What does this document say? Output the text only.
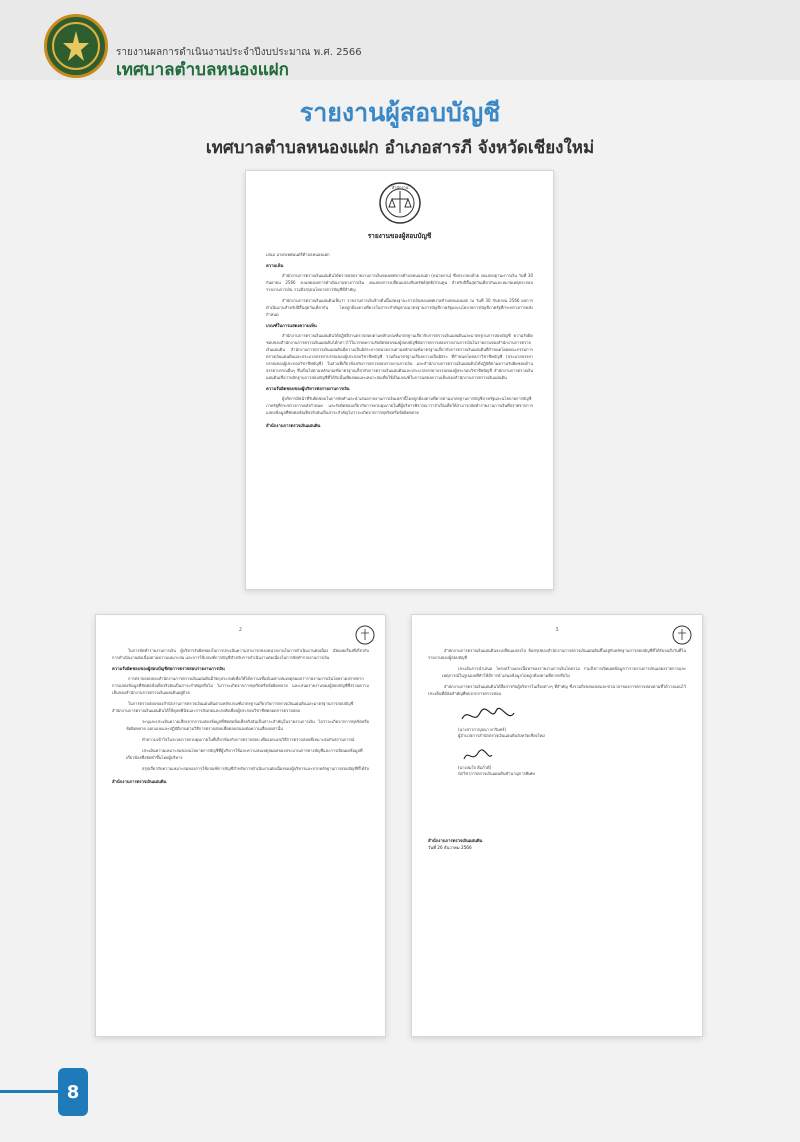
รายงานผลการดำเนินงานประจำปีงบประมาณ พ.ศ. 2566
เทศบาลตำบลหนองแฝก
รายงานผู้สอบบัญชี
เทศบาลตำบลหนองแฝก อำเภอสารภี จังหวัดเชียงใหม่
สำนักงาน
รายงานของผู้สอบบัญชี
เสนอ นายกเทศมนตรีตำบลหนองแฝก
ความเห็น
สำนักงานการตรวจเงินแผ่นดินได้ตรวจสอบรายงานการเงินของเทศบาลตำบลหนองแฝก (หน่วยงาน) ซึ่งประกอบด้วย งบแสดงฐานะการเงิน วันที่ 30 กันยายน 2566 งบแสดงผลการดำเนินงานทางการเงิน งบแสดงการเปลี่ยนแปลงสินทรัพย์สุทธิ/ส่วนทุน สำหรับปีสิ้นสุดวันเดียวกันและหมายเหตุประกอบรายงานการเงิน รวมถึงสรุปนโยบายการบัญชีที่สำคัญ
สำนักงานการตรวจเงินแผ่นดินเห็นว่า รายงานการเงินข้างต้นนี้แสดงฐานะการเงินของเทศบาลตำบลหนองแฝก ณ วันที่ 30 กันยายน 2566 ผลการดำเนินงานสำหรับปีสิ้นสุดวันเดียวกัน โดยถูกต้องตามที่ควรในสาระสำคัญตามมาตรฐานการบัญชีภาครัฐและนโยบายการบัญชีภาครัฐที่กระทรวงการคลังกำหนด
เกณฑ์ในการแสดงความเห็น
สำนักงานการตรวจเงินแผ่นดินได้ปฏิบัติงานตรวจสอบตามหลักเกณฑ์มาตรฐานเกี่ยวกับการตรวจเงินแผ่นดินและมาตรฐานการสอบบัญชี ความรับผิดชอบของสำนักงานการตรวจเงินแผ่นดินได้กล่าวไว้ในวรรคความรับผิดชอบของผู้สอบบัญชีต่อการตรวจสอบรายงานการเงินในรายงานของสำนักงานการตรวจเงินแผ่นดิน สำนักงานการตรวจเงินแผ่นดินมีความเป็นอิสระจากหน่วยงานตามหลักเกณฑ์มาตรฐานเกี่ยวกับการตรวจเงินแผ่นดินที่กำหนดโดยคณะกรรมการตรวจเงินแผ่นดินและประมวลจรรยาบรรณของผู้ประกอบวิชาชีพบัญชี รวมถึงมาตรฐานเรื่องความเป็นอิสระ ที่กำหนดโดยสภาวิชาชีพบัญชี (ประมวลจรรยาบรรณของผู้ประกอบวิชาชีพบัญชี) ในส่วนที่เกี่ยวข้องกับการตรวจสอบรายงานการเงิน และสำนักงานการตรวจเงินแผ่นดินได้ปฏิบัติตามความรับผิดชอบด้านจรรยาบรรณอื่นๆ ซึ่งเป็นไปตามหลักเกณฑ์มาตรฐานเกี่ยวกับการตรวจเงินแผ่นดินและประมวลจรรยาบรรณของผู้ประกอบวิชาชีพบัญชี สำนักงานการตรวจเงินแผ่นดินเชื่อว่าหลักฐานการสอบบัญชีที่ได้รับนั้นเพียงพอและเหมาะสมเพื่อใช้เป็นเกณฑ์ในการแสดงความเห็นของสำนักงานการตรวจเงินแผ่นดิน
ความรับผิดชอบของผู้บริหารต่อรายงานการเงิน
ผู้บริหารมีหน้าที่รับผิดชอบในการจัดทำและนำเสนอรายงานการเงินเหล่านี้โดยถูกต้องตามที่ควรตามมาตรฐานการบัญชีภาครัฐและนโยบายการบัญชีภาครัฐที่กระทรวงการคลังกำหนด และรับผิดชอบเกี่ยวกับการควบคุมภายในที่ผู้บริหารพิจารณาว่าจำเป็นเพื่อให้สามารถจัดทำรายงานการเงินที่ปราศจากการแสดงข้อมูลที่ขัดต่อข้อเท็จจริงอันเป็นสาระสำคัญไม่ว่าจะเกิดจากการทุจริตหรือข้อผิดพลาด
สำนักงานการตรวจเงินแผ่นดิน
2
ในการจัดทำรายงานการเงิน ผู้บริหารรับผิดชอบในการประเมินความสามารถของหน่วยงานในการดำเนินงานต่อเนื่อง เปิดเผยเรื่องที่เกี่ยวกับการดำเนินงานต่อเนื่องตามความเหมาะสม และการใช้เกณฑ์การบัญชีสำหรับการดำเนินงานต่อเนื่องในการจัดทำรายงานการเงิน
ความรับผิดชอบของผู้สอบบัญชีต่อการตรวจสอบรายงานการเงิน
การตรวจสอบของสำนักงานการตรวจเงินแผ่นดินมีวัตถุประสงค์เพื่อให้ได้ความเชื่อมั่นอย่างสมเหตุสมผลว่ารายงานการเงินโดยรวมปราศจากการแสดงข้อมูลที่ขัดต่อข้อเท็จจริงอันเป็นสาระสำคัญหรือไม่ ไม่ว่าจะเกิดจากการทุจริตหรือข้อผิดพลาด และเสนอรายงานของผู้สอบบัญชีซึ่งรวมความเห็นของสำนักงานการตรวจเงินแผ่นดินอยู่ด้วย
ในการตรวจสอบของสำนักงานการตรวจเงินแผ่นดินตามหลักเกณฑ์มาตรฐานเกี่ยวกับการตรวจเงินแผ่นดินและมาตรฐานการสอบบัญชี สำนักงานการตรวจเงินแผ่นดินได้ใช้ดุลยพินิจและการสังเกตและสงสัยเยี่ยงผู้ประกอบวิชาชีพตลอดการตรวจสอบ
ระบุและประเมินความเสี่ยงจากการแสดงข้อมูลที่ขัดต่อข้อเท็จจริงอันเป็นสาระสำคัญในรายงานการเงิน ไม่ว่าจะเกิดจากการทุจริตหรือข้อผิดพลาด ออกแบบและปฏิบัติงานตามวิธีการตรวจสอบเพื่อตอบสนองต่อความเสี่ยงเหล่านั้น
ทำความเข้าใจในระบบการควบคุมภายในที่เกี่ยวข้องกับการตรวจสอบ เพื่อออกแบบวิธีการตรวจสอบที่เหมาะสมกับสถานการณ์
ประเมินความเหมาะสมของนโยบายการบัญชีที่ผู้บริหารใช้และความสมเหตุสมผลของประมาณการทางบัญชีและการเปิดเผยข้อมูลที่เกี่ยวข้องซึ่งจัดทำขึ้นโดยผู้บริหาร
สรุปเกี่ยวกับความเหมาะสมของการใช้เกณฑ์การบัญชีสำหรับการดำเนินงานต่อเนื่องของผู้บริหารและจากหลักฐานการสอบบัญชีที่ได้รับ
สำนักงานการตรวจเงินแผ่นดิน
3
สำนักงานการตรวจเงินแผ่นดินจะเปลี่ยนแปลงไป ข้อสรุปของสำนักงานการตรวจเงินแผ่นดินขึ้นอยู่กับหลักฐานการสอบบัญชีที่ได้รับจนถึงวันที่ในรายงานของผู้สอบบัญชี
ประเมินการนำเสนอ โครงสร้างและเนื้อหาของรายงานการเงินโดยรวม รวมถึงการเปิดเผยข้อมูลว่ารายงานการเงินแสดงรายการและเหตุการณ์ในรูปแบบที่ทำให้มีการนำเสนอข้อมูลโดยถูกต้องตามที่ควรหรือไม่
สำนักงานการตรวจเงินแผ่นดินได้สื่อสารกับผู้บริหารในเรื่องต่างๆ ที่สำคัญ ซึ่งรวมถึงขอบเขตและช่วงเวลาของการตรวจสอบตามที่ได้วางแผนไว้ ประเด็นที่มีนัยสำคัญที่พบจากการตรวจสอบ
(นางสาวกาญจนา หาริมทร์)
ผู้อำนวยการสำนักตรวจเงินแผ่นดินจังหวัดเชียงใหม่
(นางสมใจ ดีแก้วดี)
นักวิชาการตรวจเงินแผ่นดินชำนาญการพิเศษ
สำนักงานการตรวจเงินแผ่นดิน
วันที่ 26 ธันวาคม 2566
8
